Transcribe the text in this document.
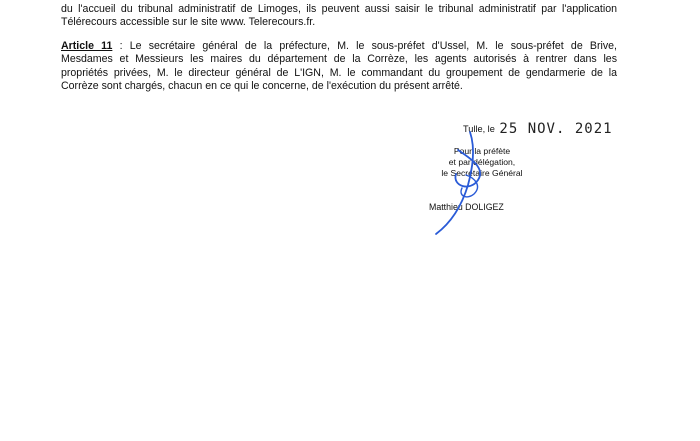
du l'accueil du tribunal administratif de Limoges, ils peuvent aussi saisir le tribunal administratif par l'application
Télérecours accessible sur le site www. Telerecours.fr.
Article 11 : Le secrétaire général de la préfecture, M. le sous-préfet d'Ussel, M. le sous-préfet de Brive,
Mesdames et Messieurs les maires du département de la Corrèze, les agents autorisés à rentrer dans les
propriétés privées, M. le directeur général de L'IGN, M. le commandant du groupement de gendarmerie de la
Corrèze sont chargés, chacun en ce qui le concerne, de l'exécution du présent arrêté.
Tulle, le 25 NOV. 2021
Pour la préfète
et par délégation,
le Secrétaire Général
Matthieu DOLIGEZ
